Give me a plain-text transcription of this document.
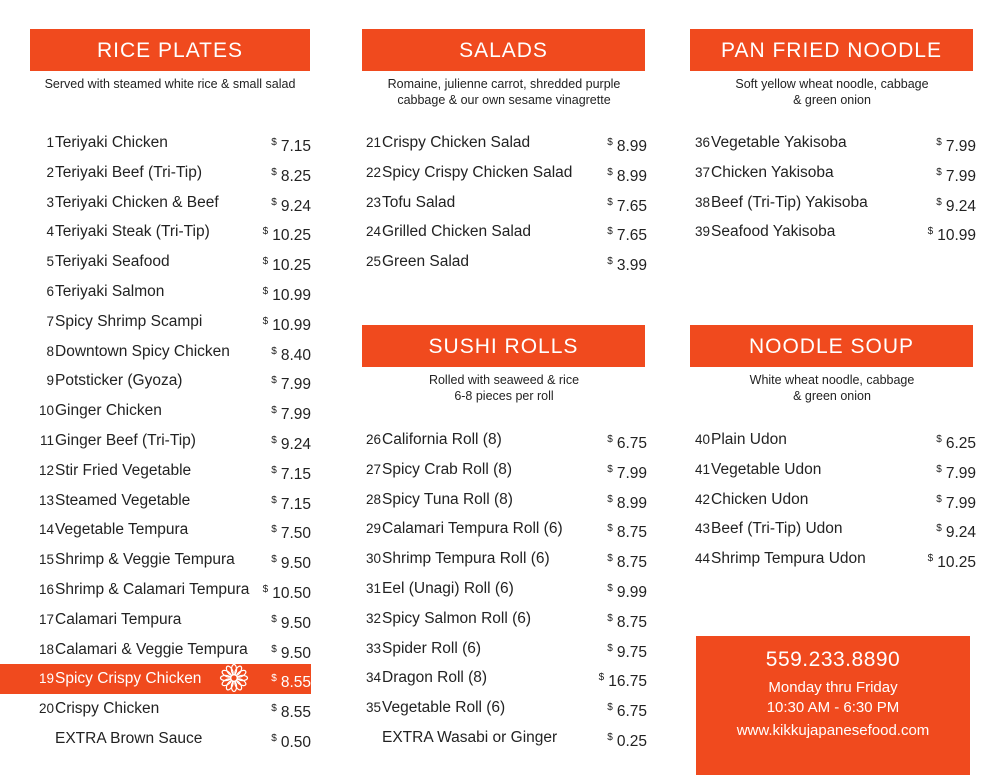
RICE PLATES
Served with steamed white rice & small salad
1 Teriyaki Chicken	$ 7.15
2 Teriyaki Beef (Tri-Tip)	$ 8.25
3 Teriyaki Chicken & Beef	$ 9.24
4 Teriyaki Steak (Tri-Tip)	$ 10.25
5 Teriyaki Seafood	$ 10.25
6 Teriyaki Salmon	$ 10.99
7 Spicy Shrimp Scampi	$ 10.99
8 Downtown Spicy Chicken	$ 8.40
9 Potsticker (Gyoza)	$ 7.99
10 Ginger Chicken	$ 7.99
11 Ginger Beef (Tri-Tip)	$ 9.24
12 Stir Fried Vegetable	$ 7.15
13 Steamed Vegetable	$ 7.15
14 Vegetable Tempura	$ 7.50
15 Shrimp & Veggie Tempura	$ 9.50
16 Shrimp & Calamari Tempura $ 10.50
17 Calamari Tempura	$ 9.50
18 Calamari & Veggie Tempura $ 9.50
19 Spicy Crispy Chicken	$ 8.55
20 Crispy Chicken	$ 8.55
EXTRA Brown Sauce	$ 0.50
SALADS
Romaine, julienne carrot, shredded purple
cabbage & our own sesame vinagrette
21 Crispy Chicken Salad	$ 8.99
22 Spicy Crispy Chicken Salad	$ 8.99
23 Tofu Salad	$ 7.65
24 Grilled Chicken Salad	$ 7.65
25 Green Salad	$ 3.99
SUSHI ROLLS
Rolled with seaweed & rice
6-8 pieces per roll
26 California Roll (8)	$ 6.75
27 Spicy Crab Roll (8)	$ 7.99
28 Spicy Tuna Roll (8)	$ 8.99
29 Calamari Tempura Roll (6)	$ 8.75
30 Shrimp Tempura Roll (6)	$ 8.75
31 Eel (Unagi) Roll (6)	$ 9.99
32 Spicy Salmon Roll (6)	$ 8.75
33 Spider Roll (6)	$ 9.75
34 Dragon Roll (8)	$ 16.75
35 Vegetable Roll (6)	$ 6.75
EXTRA Wasabi or Ginger	$ 0.25
PAN FRIED NOODLE
Soft yellow wheat noodle, cabbage
& green onion
36 Vegetable Yakisoba	$ 7.99
37 Chicken Yakisoba	$ 7.99
38 Beef (Tri-Tip) Yakisoba	$ 9.24
39 Seafood Yakisoba	$ 10.99
NOODLE SOUP
White wheat noodle, cabbage
& green onion
40 Plain Udon	$ 6.25
41 Vegetable Udon	$ 7.99
42 Chicken Udon	$ 7.99
43 Beef (Tri-Tip) Udon	$ 9.24
44 Shrimp Tempura Udon	$ 10.25
559.233.8890
Monday thru Friday
10:30 AM - 6:30 PM
www.kikkujapanesefood.com
